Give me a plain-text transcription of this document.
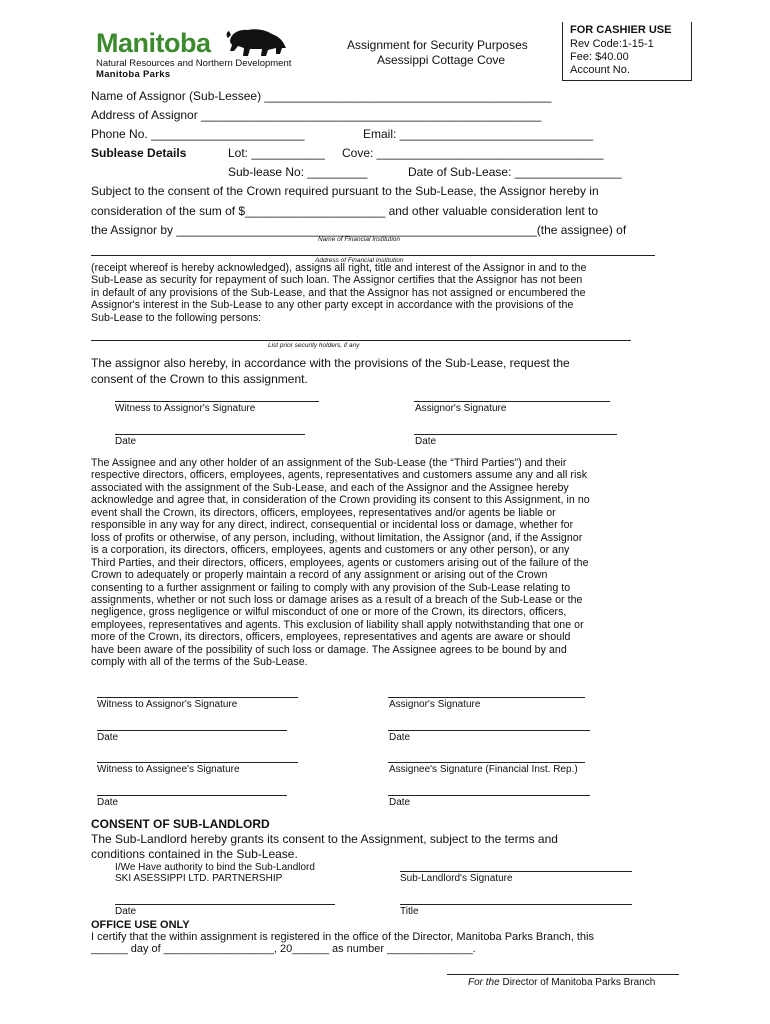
Manitoba
Natural Resources and Northern Development
Manitoba Parks
Assignment for Security Purposes
Asessippi Cottage Cove
FOR CASHIER USE
Rev Code:1-15-1
Fee: $40.00
Account No.
Name of Assignor (Sub-Lessee) ___________________________________________
Address of Assignor ___________________________________________________
Phone No. _______________________	Email: _____________________________
Sublease Details	Lot: ___________ Cove: __________________________________
Sub-lease No: _________	Date of Sub-Lease: ________________
Subject to the consent of the Crown required pursuant to the Sub-Lease, the Assignor hereby in
consideration of the sum of $_____________________ and other valuable consideration lent to
the Assignor by ______________________________________________________(the assignee) of
Name of Financial Institution
Address of Financial Institution
(receipt whereof is hereby acknowledged), assigns all right, title and interest of the Assignor in and to the
Sub-Lease as security for repayment of such loan. The Assignor certifies that the Assignor has not been
in default of any provisions of the Sub-Lease, and that the Assignor has not assigned or encumbered the
Assignor's interest in the Sub-Lease to any other party except in accordance with the provisions of the
Sub-Lease to the following persons:
List prior security holders, if any
The assignor also hereby, in accordance with the provisions of the Sub-Lease, request the
consent of the Crown to this assignment.
Witness to Assignor's Signature	Assignor's Signature
Date	Date
The Assignee and any other holder of an assignment of the Sub-Lease (the “Third Parties”) and their
respective directors, officers, employees, agents, representatives and customers assume any and all risk
associated with the assignment of the Sub-Lease, and each of the Assignor and the Assignee hereby
acknowledge and agree that, in consideration of the Crown providing its consent to this Assignment, in no
event shall the Crown, its directors, officers, employees, representatives and/or agents be liable or
responsible in any way for any direct, indirect, consequential or incidental loss or damage, whether for
loss of profits or otherwise, of any person, including, without limitation, the Assignor (and, if the Assignor
is a corporation, its directors, officers, employees, agents and customers or any other person), or any
Third Parties, and their directors, officers, employees, agents or customers arising out of the failure of the
Crown to adequately or properly maintain a record of any assignment or arising out of the Crown
consenting to a further assignment or failing to comply with any provision of the Sub-Lease relating to
assignments, whether or not such loss or damage arises as a result of a breach of the Sub-Lease or the
negligence, gross negligence or wilful misconduct of one or more of the Crown, its directors, officers,
employees, representatives and agents. This exclusion of liability shall apply notwithstanding that one or
more of the Crown, its directors, officers, employees, representatives and agents are aware or should
have been aware of the possibility of such loss or damage. The Assignee agrees to be bound by and
comply with all of the terms of the Sub-Lease.
Witness to Assignor's Signature	Assignor's Signature
Date	Date
Witness to Assignee's Signature	Assignee's Signature (Financial Inst. Rep.)
Date	Date
CONSENT OF SUB-LANDLORD
The Sub-Landlord hereby grants its consent to the Assignment, subject to the terms and
conditions contained in the Sub-Lease.
I/We Have authority to bind the Sub-Landlord
SKI ASESSIPPI LTD. PARTNERSHIP	Sub-Landlord's Signature
Date	Title
OFFICE USE ONLY
I certify that the within assignment is registered in the office of the Director, Manitoba Parks Branch, this
______ day of __________________, 20______ as number ______________.
For the Director of Manitoba Parks Branch
